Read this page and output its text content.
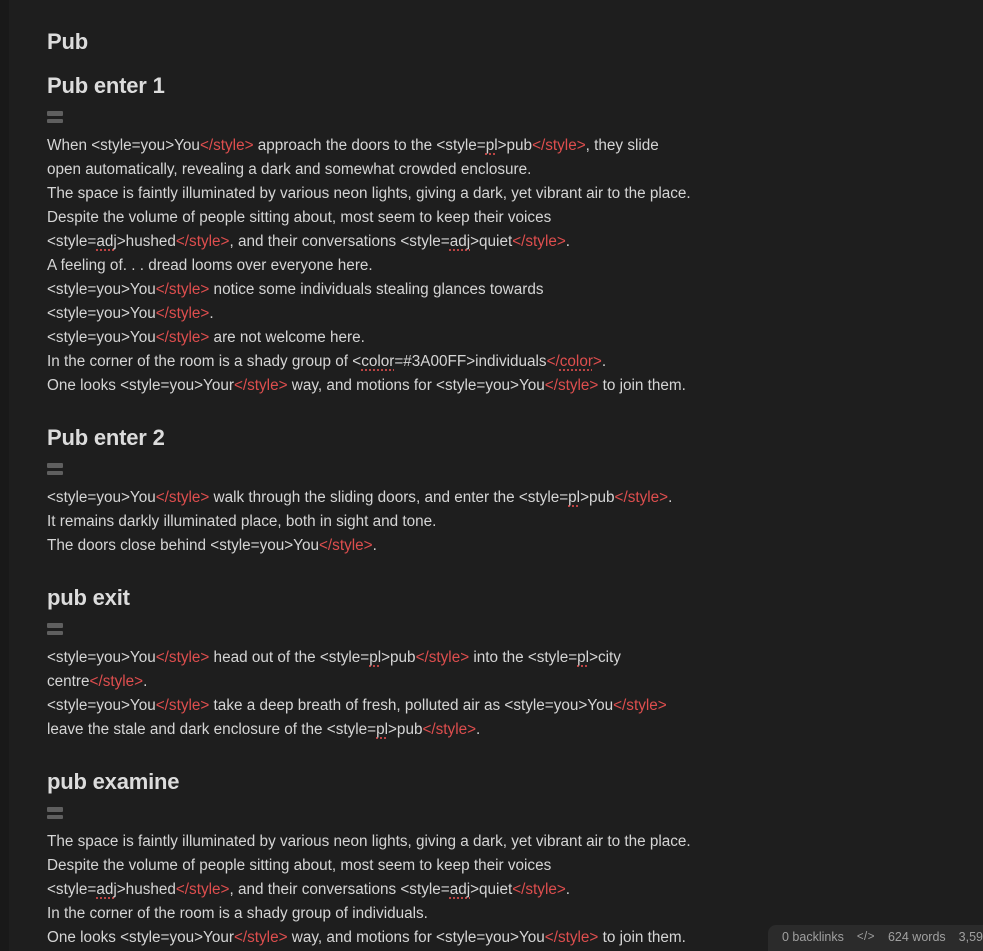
Pub
Pub enter 1
When <style=you>You</style> approach the doors to the <style=pl>pub</style>, they slide
open automatically, revealing a dark and somewhat crowded enclosure.
The space is faintly illuminated by various neon lights, giving a dark, yet vibrant air to the place.
Despite the volume of people sitting about, most seem to keep their voices
<style=adj>hushed</style>, and their conversations <style=adj>quiet</style>.
A feeling of. . . dread looms over everyone here.
<style=you>You</style> notice some individuals stealing glances towards
<style=you>You</style>.
<style=you>You</style> are not welcome here.
In the corner of the room is a shady group of <color=#3A00FF>individuals</color>.
One looks <style=you>Your</style> way, and motions for <style=you>You</style> to join them.
Pub enter 2
<style=you>You</style> walk through the sliding doors, and enter the <style=pl>pub</style>.
It remains darkly illuminated place, both in sight and tone.
The doors close behind <style=you>You</style>.
pub exit
<style=you>You</style> head out of the <style=pl>pub</style> into the <style=pl>city
centre</style>.
<style=you>You</style> take a deep breath of fresh, polluted air as <style=you>You</style>
leave the stale and dark enclosure of the <style=pl>pub</style>.
pub examine
The space is faintly illuminated by various neon lights, giving a dark, yet vibrant air to the place.
Despite the volume of people sitting about, most seem to keep their voices
<style=adj>hushed</style>, and their conversations <style=adj>quiet</style>.
In the corner of the room is a shady group of individuals.
One looks <style=you>Your</style> way, and motions for <style=you>You</style> to join them.	0 backlinks </> 624 words 3,59
